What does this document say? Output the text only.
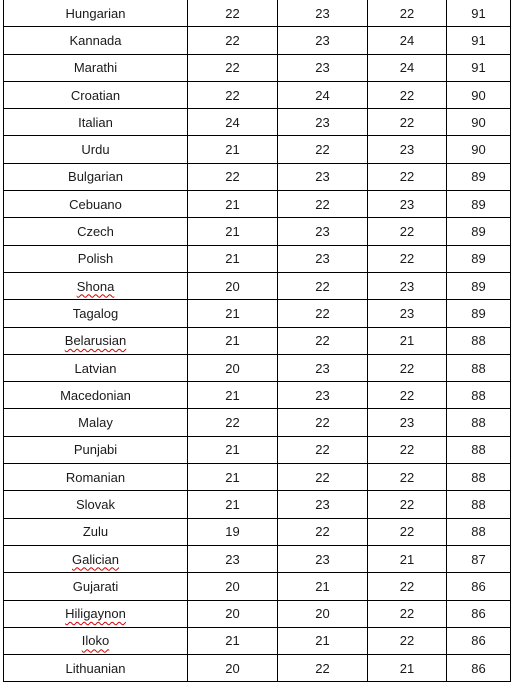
Hungarian	22	23	22	91
Kannada	22	23	24	91
Marathi	22	23	24	91
Croatian	22	24	22	90
Italian	24	23	22	90
Urdu	21	22	23	90
Bulgarian	22	23	22	89
Cebuano	21	22	23	89
Czech	21	23	22	89
Polish	21	23	22	89
Shona	20	22	23	89
Tagalog	21	22	23	89
Belarusian	21	22	21	88
Latvian	20	23	22	88
Macedonian	21	23	22	88
Malay	22	22	23	88
Punjabi	21	22	22	88
Romanian	21	22	22	88
Slovak	21	23	22	88
Zulu	19	22	22	88
Galician	23	23	21	87
Gujarati	20	21	22	86
Hiligaynon	20	20	22	86
Iloko	21	21	22	86
Lithuanian	20	22	21	86
